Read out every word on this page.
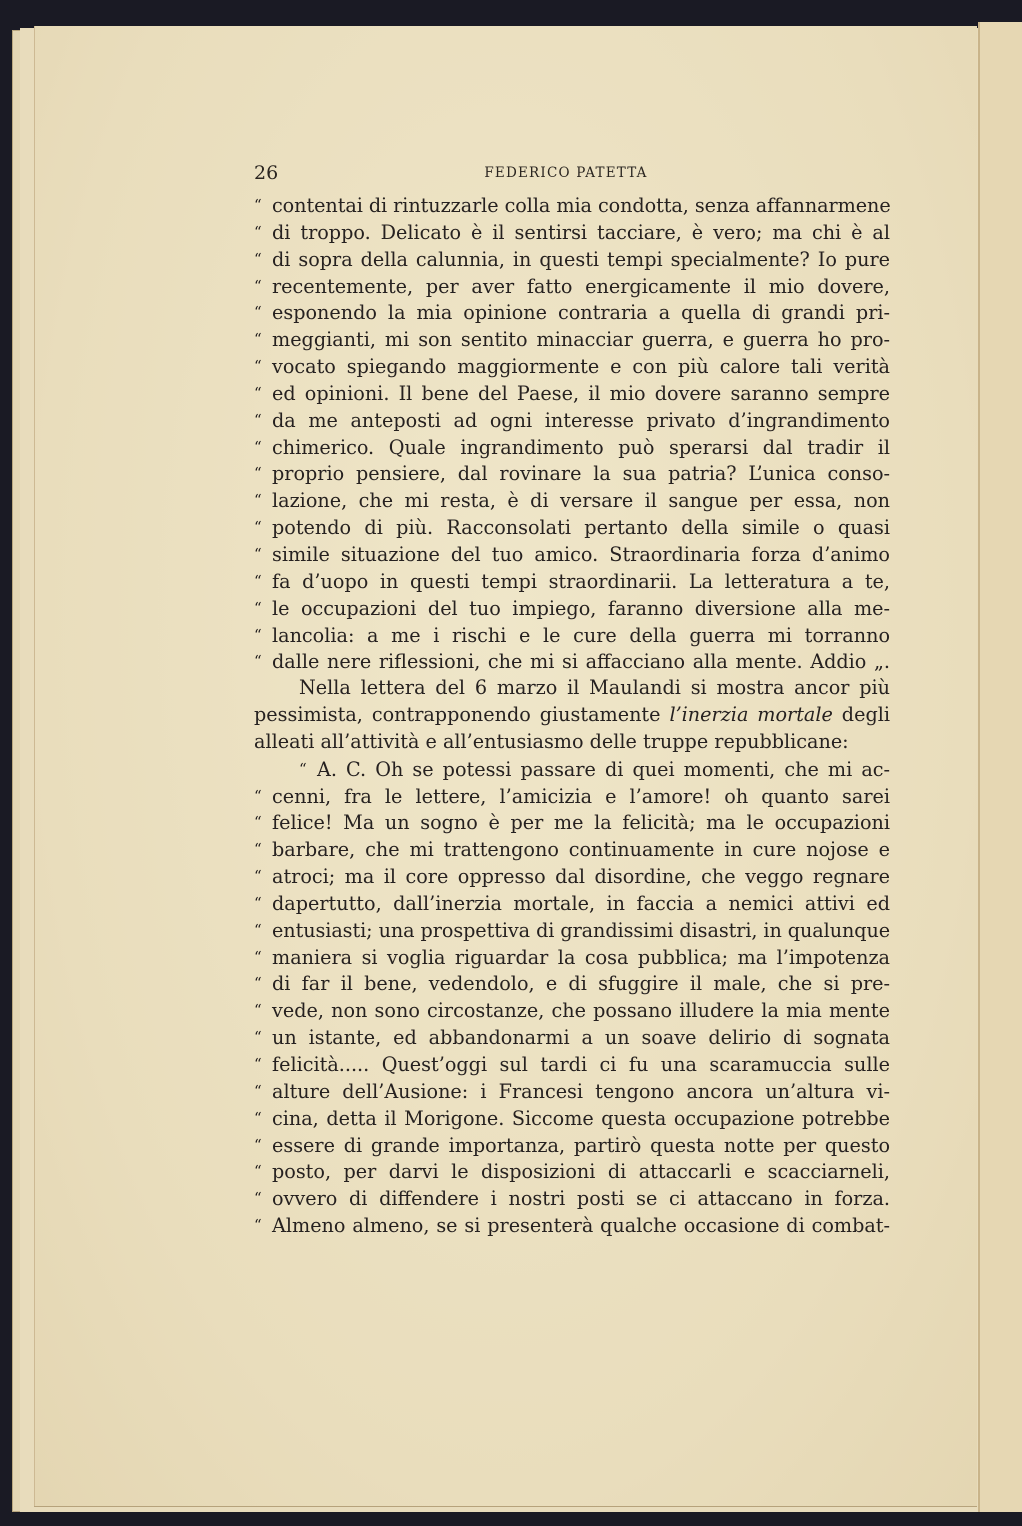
26	FEDERICO PATETTA
“ contentai di rintuzzarle colla mia condotta, senza affannarmene
“ di troppo. Delicato è il sentirsi tacciare, è vero; ma chi è al
“ di sopra della calunnia, in questi tempi specialmente? Io pure
“ recentemente, per aver fatto energicamente il mio dovere,
“ esponendo la mia opinione contraria a quella di grandi pri-
“ meggianti, mi son sentito minacciar guerra, e guerra ho pro-
“ vocato spiegando maggiormente e con più calore tali verità
“ ed opinioni. Il bene del Paese, il mio dovere saranno sempre
“ da me anteposti ad ogni interesse privato d’ingrandimento
“ chimerico. Quale ingrandimento può sperarsi dal tradir il
“ proprio pensiere, dal rovinare la sua patria? L’unica conso-
“ lazione, che mi resta, è di versare il sangue per essa, non
“ potendo di più. Racconsolati pertanto della simile o quasi
“ simile situazione del tuo amico. Straordinaria forza d’animo
“ fa d’uopo in questi tempi straordinarii. La letteratura a te,
“ le occupazioni del tuo impiego, faranno diversione alla me-
“ lancolia: a me i rischi e le cure della guerra mi torranno
“ dalle nere riflessioni, che mi si affacciano alla mente. Addio „.
Nella lettera del 6 marzo il Maulandi si mostra ancor più
pessimista, contrapponendo giustamente l’inerzia mortale degli
alleati all’attività e all’entusiasmo delle truppe repubblicane:
“ A. C. Oh se potessi passare di quei momenti, che mi ac-
“ cenni, fra le lettere, l’amicizia e l’amore! oh quanto sarei
“ felice! Ma un sogno è per me la felicità; ma le occupazioni
“ barbare, che mi trattengono continuamente in cure nojose e
“ atroci; ma il core oppresso dal disordine, che veggo regnare
“ dapertutto, dall’inerzia mortale, in faccia a nemici attivi ed
“ entusiasti; una prospettiva di grandissimi disastri, in qualunque
“ maniera si voglia riguardar la cosa pubblica; ma l’impotenza
“ di far il bene, vedendolo, e di sfuggire il male, che si pre-
“ vede, non sono circostanze, che possano illudere la mia mente
“ un istante, ed abbandonarmi a un soave delirio di sognata
“ felicità..... Quest’oggi sul tardi ci fu una scaramuccia sulle
“ alture dell’Ausione: i Francesi tengono ancora un’altura vi-
“ cina, detta il Morigone. Siccome questa occupazione potrebbe
“ essere di grande importanza, partirò questa notte per questo
“ posto, per darvi le disposizioni di attaccarli e scacciarneli,
“ ovvero di diffendere i nostri posti se ci attaccano in forza.
“ Almeno almeno, se si presenterà qualche occasione di combat-
